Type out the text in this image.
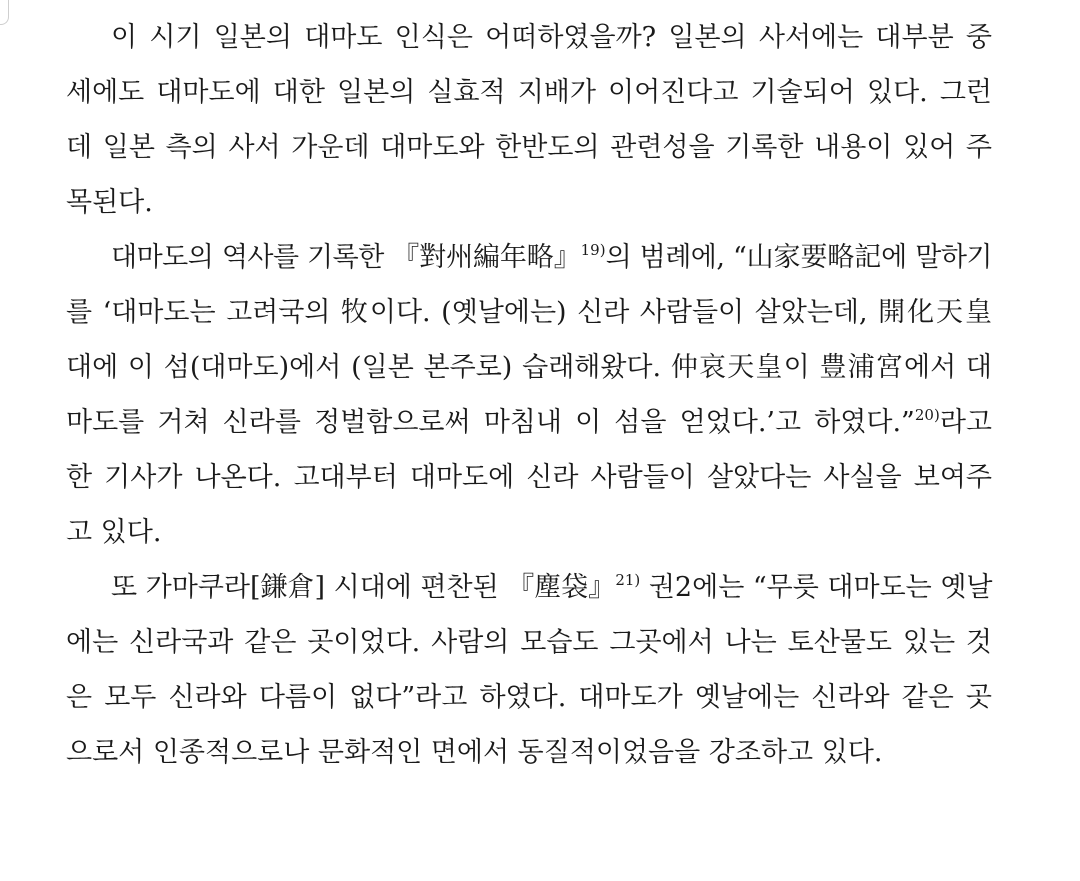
이 시기 일본의 대마도 인식은 어떠하였을까? 일본의 사서에는 대부분 중
세에도 대마도에 대한 일본의 실효적 지배가 이어진다고 기술되어 있다. 그런
데 일본 측의 사서 가운데 대마도와 한반도의 관련성을 기록한 내용이 있어 주
목된다.
대마도의 역사를 기록한 『對州編年略』$^{19)}$의 범례에, “山家要略記에 말하기
를 ‘대마도는 고려국의 牧이다. (옛날에는) 신라 사람들이 살았는데, 開化天皇
대에 이 섬(대마도)에서 (일본 본주로) 습래해왔다. 仲哀天皇이 豊浦宮에서 대
마도를 거쳐 신라를 정벌함으로써 마침내 이 섬을 얻었다.’고 하였다.”$^{20)}$라고
한 기사가 나온다. 고대부터 대마도에 신라 사람들이 살았다는 사실을 보여주
고 있다.
또 가마쿠라[鎌倉] 시대에 편찬된 『塵袋』$^{21)}$ 권2에는 “무릇 대마도는 옛날
에는 신라국과 같은 곳이었다. 사람의 모습도 그곳에서 나는 토산물도 있는 것
은 모두 신라와 다름이 없다”라고 하였다. 대마도가 옛날에는 신라와 같은 곳
으로서 인종적으로나 문화적인 면에서 동질적이었음을 강조하고 있다.
